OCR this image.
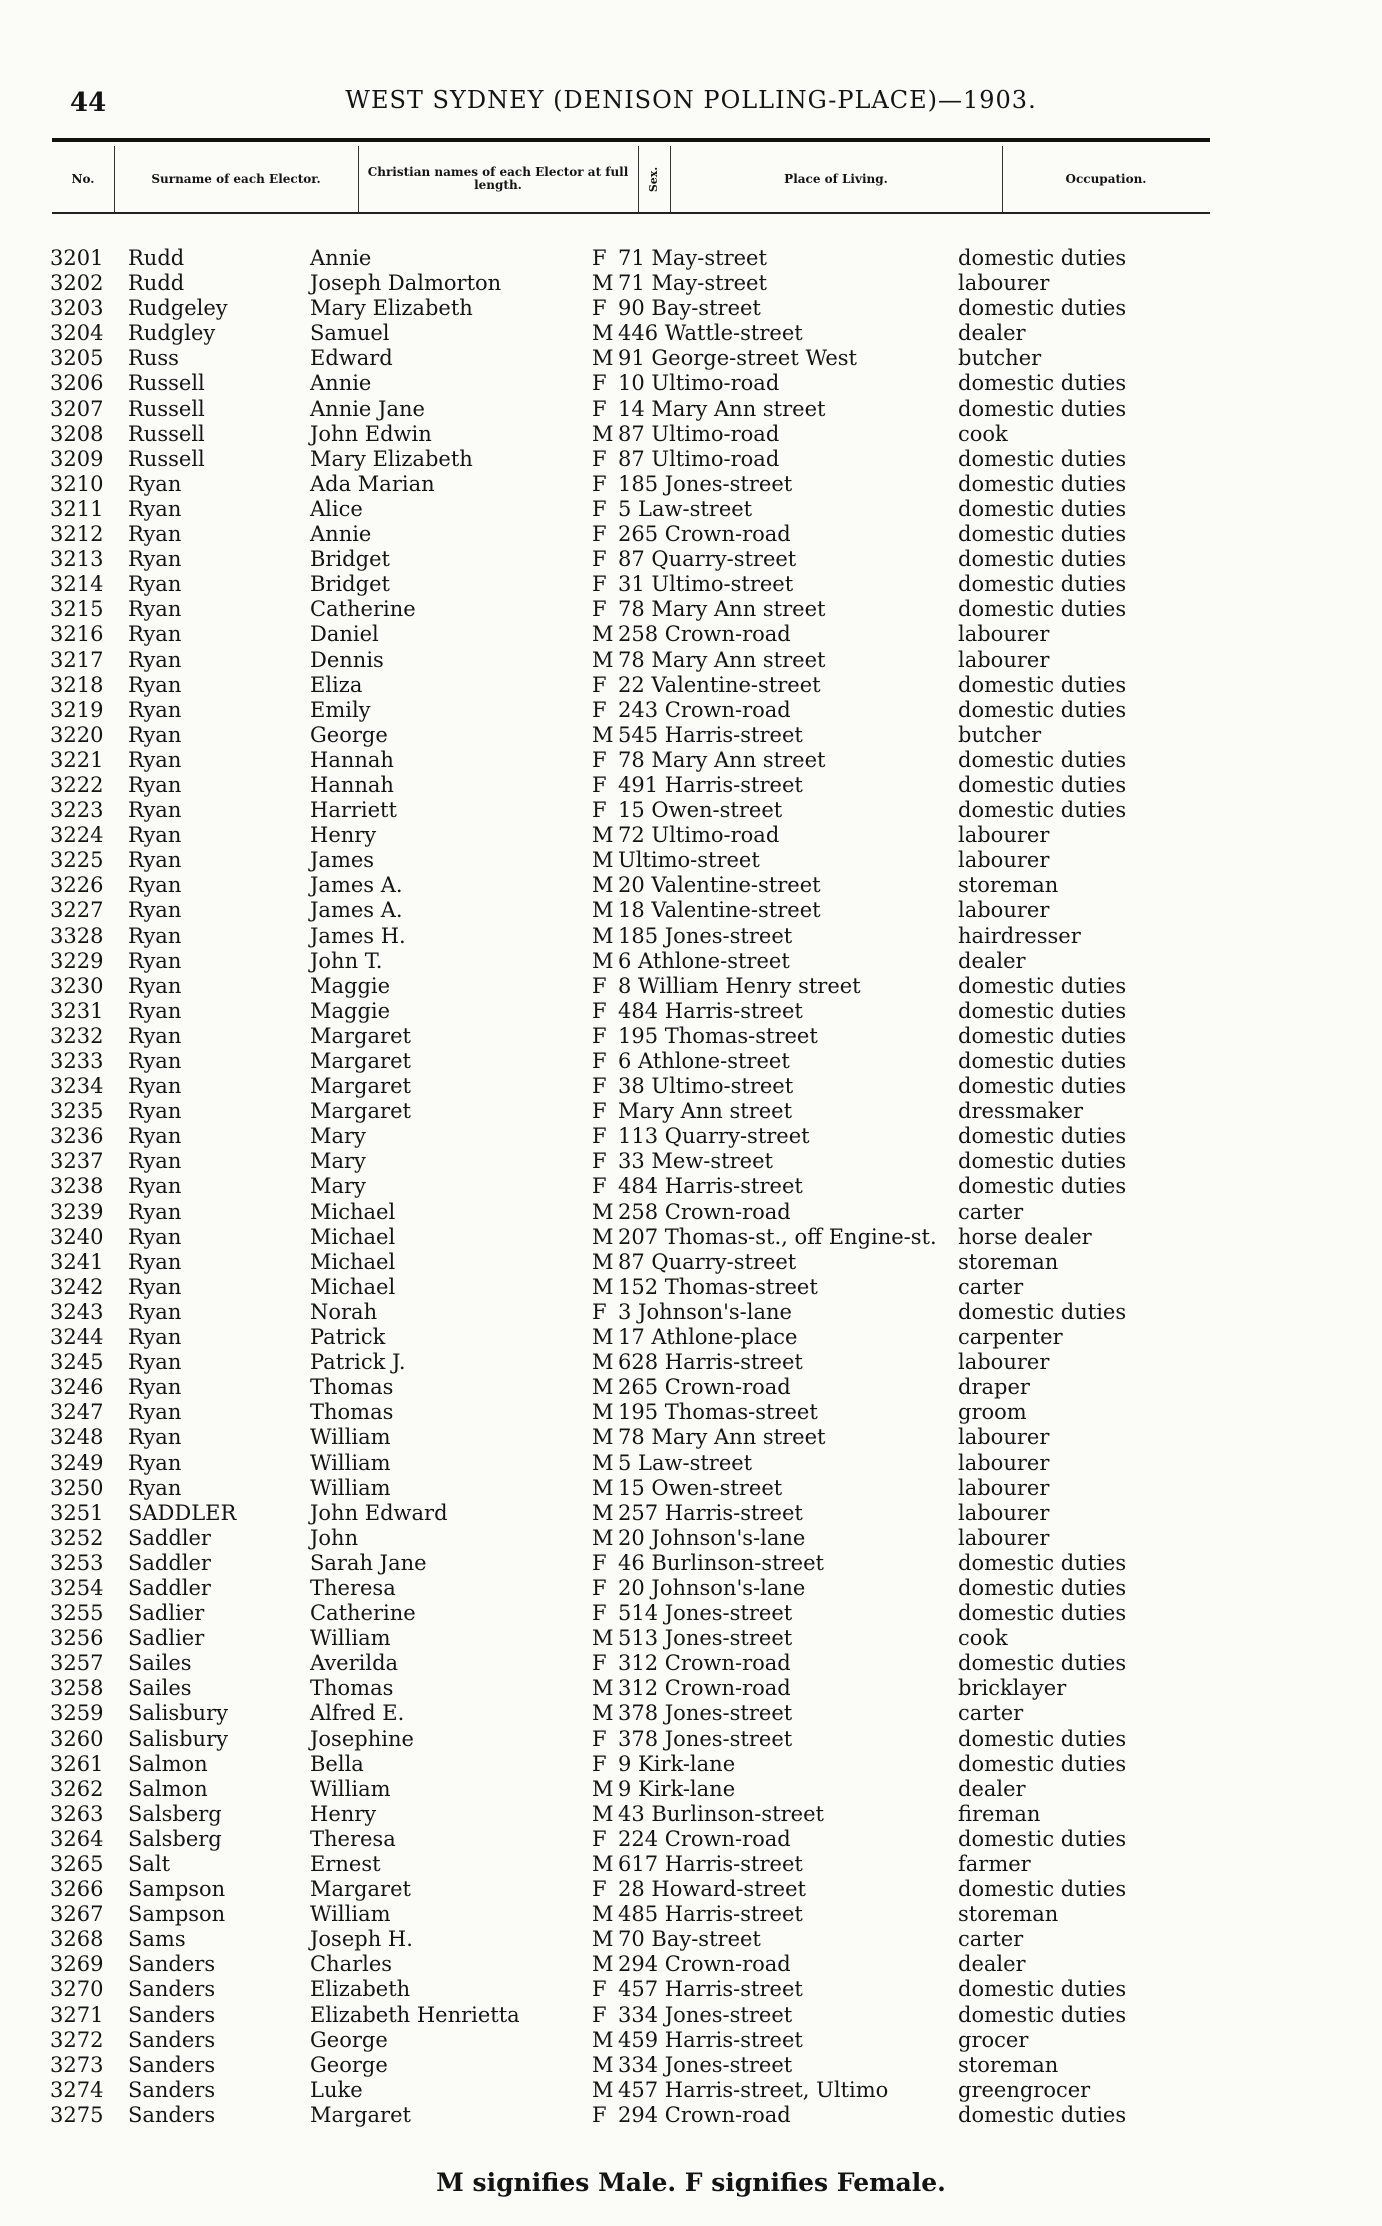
44	WEST SYDNEY (DENISON POLLING-PLACE)—1903.
No.	Surname of each Elector.	Christian names of each Elector at full length.	Sex.	Place of Living.	Occupation.
3201 Rudd	Annie	F 71 May-street	domestic duties
3202 Rudd	Joseph Dalmorton	M 71 May-street	labourer
3203 Rudgeley	Mary Elizabeth	F 90 Bay-street	domestic duties
3204 Rudgley	Samuel	M 446 Wattle-street	dealer
3205 Russ	Edward	M 91 George-street West	butcher
3206 Russell	Annie	F 10 Ultimo-road	domestic duties
3207 Russell	Annie Jane	F 14 Mary Ann street	domestic duties
3208 Russell	John Edwin	M 87 Ultimo-road	cook
3209 Russell	Mary Elizabeth	F 87 Ultimo-road	domestic duties
3210 Ryan	Ada Marian	F 185 Jones-street	domestic duties
3211 Ryan	Alice	F 5 Law-street	domestic duties
3212 Ryan	Annie	F 265 Crown-road	domestic duties
3213 Ryan	Bridget	F 87 Quarry-street	domestic duties
3214 Ryan	Bridget	F 31 Ultimo-street	domestic duties
3215 Ryan	Catherine	F 78 Mary Ann street	domestic duties
3216 Ryan	Daniel	M 258 Crown-road	labourer
3217 Ryan	Dennis	M 78 Mary Ann street	labourer
3218 Ryan	Eliza	F 22 Valentine-street	domestic duties
3219 Ryan	Emily	F 243 Crown-road	domestic duties
3220 Ryan	George	M 545 Harris-street	butcher
3221 Ryan	Hannah	F 78 Mary Ann street	domestic duties
3222 Ryan	Hannah	F 491 Harris-street	domestic duties
3223 Ryan	Harriett	F 15 Owen-street	domestic duties
3224 Ryan	Henry	M 72 Ultimo-road	labourer
3225 Ryan	James	M Ultimo-street	labourer
3226 Ryan	James A.	M 20 Valentine-street	storeman
3227 Ryan	James A.	M 18 Valentine-street	labourer
3328 Ryan	James H.	M 185 Jones-street	hairdresser
3229 Ryan	John T.	M 6 Athlone-street	dealer
3230 Ryan	Maggie	F 8 William Henry street	domestic duties
3231 Ryan	Maggie	F 484 Harris-street	domestic duties
3232 Ryan	Margaret	F 195 Thomas-street	domestic duties
3233 Ryan	Margaret	F 6 Athlone-street	domestic duties
3234 Ryan	Margaret	F 38 Ultimo-street	domestic duties
3235 Ryan	Margaret	F Mary Ann street	dressmaker
3236 Ryan	Mary	F 113 Quarry-street	domestic duties
3237 Ryan	Mary	F 33 Mew-street	domestic duties
3238 Ryan	Mary	F 484 Harris-street	domestic duties
3239 Ryan	Michael	M 258 Crown-road	carter
3240 Ryan	Michael	M 207 Thomas-st., off Engine-st. horse dealer
3241 Ryan	Michael	M 87 Quarry-street	storeman
3242 Ryan	Michael	M 152 Thomas-street	carter
3243 Ryan	Norah	F 3 Johnson's-lane	domestic duties
3244 Ryan	Patrick	M 17 Athlone-place	carpenter
3245 Ryan	Patrick J.	M 628 Harris-street	labourer
3246 Ryan	Thomas	M 265 Crown-road	draper
3247 Ryan	Thomas	M 195 Thomas-street	groom
3248 Ryan	William	M 78 Mary Ann street	labourer
3249 Ryan	William	M 5 Law-street	labourer
3250 Ryan	William	M 15 Owen-street	labourer
3251 SADDLER	John Edward	M 257 Harris-street	labourer
3252 Saddler	John	M 20 Johnson's-lane	labourer
3253 Saddler	Sarah Jane	F 46 Burlinson-street	domestic duties
3254 Saddler	Theresa	F 20 Johnson's-lane	domestic duties
3255 Sadlier	Catherine	F 514 Jones-street	domestic duties
3256 Sadlier	William	M 513 Jones-street	cook
3257 Sailes	Averilda	F 312 Crown-road	domestic duties
3258 Sailes	Thomas	M 312 Crown-road	bricklayer
3259 Salisbury	Alfred E.	M 378 Jones-street	carter
3260 Salisbury	Josephine	F 378 Jones-street	domestic duties
3261 Salmon	Bella	F 9 Kirk-lane	domestic duties
3262 Salmon	William	M 9 Kirk-lane	dealer
3263 Salsberg	Henry	M 43 Burlinson-street	fireman
3264 Salsberg	Theresa	F 224 Crown-road	domestic duties
3265 Salt	Ernest	M 617 Harris-street	farmer
3266 Sampson	Margaret	F 28 Howard-street	domestic duties
3267 Sampson	William	M 485 Harris-street	storeman
3268 Sams	Joseph H.	M 70 Bay-street	carter
3269 Sanders	Charles	M 294 Crown-road	dealer
3270 Sanders	Elizabeth	F 457 Harris-street	domestic duties
3271 Sanders	Elizabeth Henrietta	F 334 Jones-street	domestic duties
3272 Sanders	George	M 459 Harris-street	grocer
3273 Sanders	George	M 334 Jones-street	storeman
3274 Sanders	Luke	M 457 Harris-street, Ultimo	greengrocer
3275 Sanders	Margaret	F 294 Crown-road	domestic duties
M signifies Male. F signifies Female.
